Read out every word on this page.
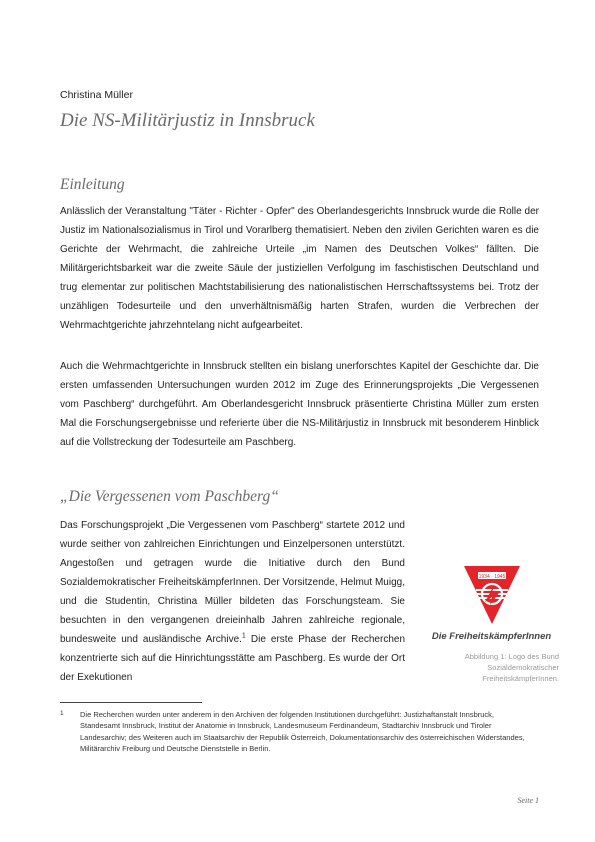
Christina Müller
Die NS-Militärjustiz in Innsbruck
Einleitung

Anlässlich der Veranstaltung "Täter - Richter - Opfer" des Oberlandesgerichts Innsbruck wurde die Rolle der Justiz im Nationalsozialismus in Tirol und Vorarlberg thematisiert. Neben den zivilen Gerichten waren es die Gerichte der Wehrmacht, die zahlreiche Urteile „im Namen des Deutschen Volkes“ fällten. Die Militärgerichtsbarkeit war die zweite Säule der justiziellen Verfolgung im faschistischen Deutschland und trug elementar zur politischen Machtstabilisierung des nationalistischen Herrschaftssystems bei. Trotz der unzähligen Todesurteile und den unverhältnismäßig harten Strafen, wurden die Verbrechen der Wehrmachtgerichte jahrzehntelang nicht aufgearbeitet.

Auch die Wehrmachtgerichte in Innsbruck stellten ein bislang unerforschtes Kapitel der Geschichte dar. Die ersten umfassenden Untersuchungen wurden 2012 im Zuge des Erinnerungsprojekts „Die Vergessenen vom Paschberg“ durchgeführt. Am Oberlandesgericht Innsbruck präsentierte Christina Müller zum ersten Mal die Forschungsergebnisse und referierte über die NS-Militärjustiz in Innsbruck mit besonderem Hinblick auf die Vollstreckung der Todesurteile am Paschberg.

„Die Vergessenen vom Paschberg“

Das Forschungsprojekt „Die Vergessenen vom Paschberg“ startete 2012 und wurde seither von zahlreichen Einrichtungen und Einzelpersonen unterstützt. Angestoßen und getragen wurde die Initiative durch den Bund Sozialdemokratischer FreiheitskämpferInnen. Der Vorsitzende, Helmut Muigg, und die Studentin, Christina Müller bildeten das Forschungsteam. Sie besuchten in den vergangenen dreieinhalb Jahren zahlreiche regionale, bundesweite und ausländische Archive.$^1$ Die erste Phase der Recherchen konzentrierte sich auf die Hinrichtungsstätte am Paschberg. Es wurde der Ort der Exekutionen

1934 · 1945
Die FreiheitskämpferInnen
Abbildung 1: Logo des Bund Sozialdemokratischer FreiheitskämpferInnen.
1 Die Recherchen wurden unter anderem in den Archiven der folgenden Institutionen durchgeführt: Justizhaftanstalt Innsbruck, Standesamt Innsbruck, Institut der Anatomie in Innsbruck, Landesmuseum Ferdinandeum, Stadtarchiv Innsbruck und Tiroler Landesarchiv; des Weiteren auch im Staatsarchiv der Republik Österreich, Dokumentationsarchiv des österreichischen Widerstandes, Militärarchiv Freiburg und Deutsche Dienststelle in Berlin.

Seite 1
